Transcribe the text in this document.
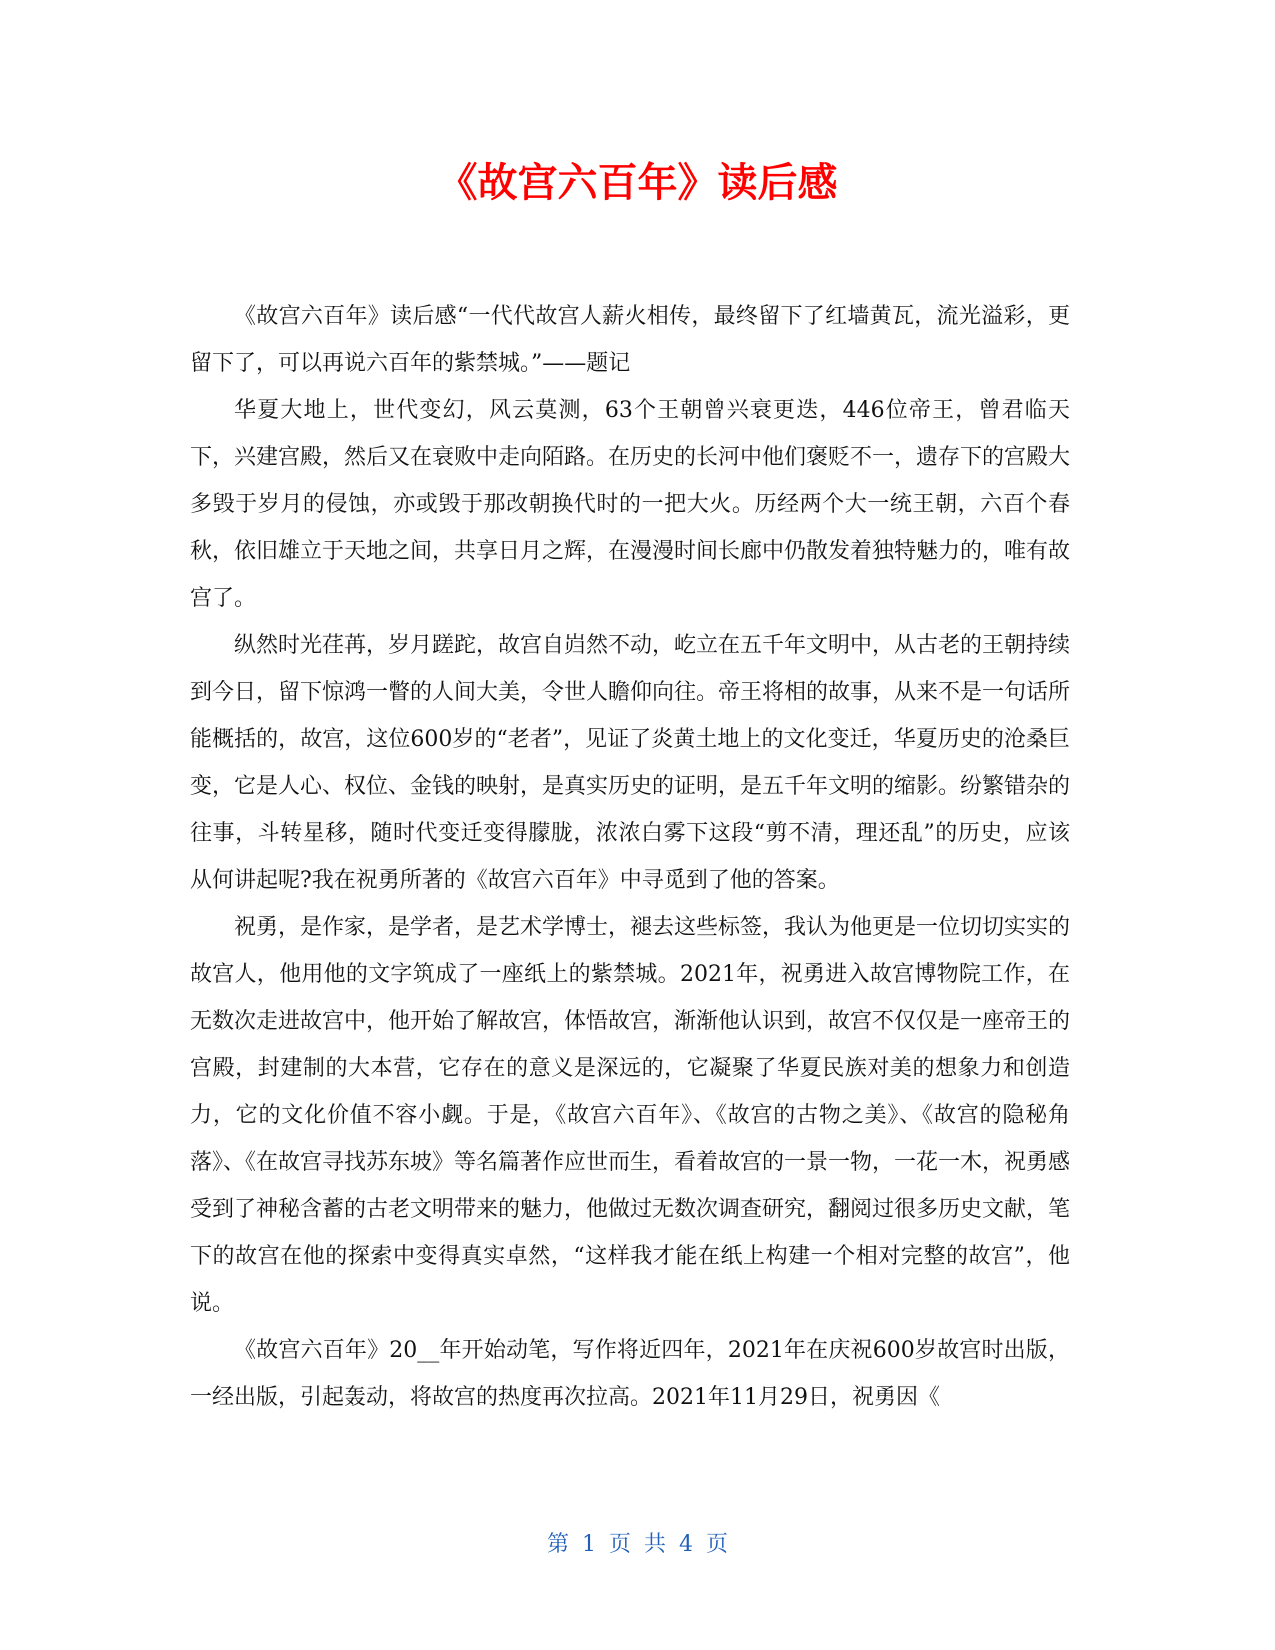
《故宫六百年》读后感

《故宫六百年》读后感“一代代故宫人薪火相传，最终留下了红墙黄瓦，流光溢彩，更留下了，可以再说六百年的紫禁城。”——题记

华夏大地上，世代变幻，风云莫测，63个王朝曾兴衰更迭，446位帝王，曾君临天下，兴建宫殿，然后又在衰败中走向陌路。在历史的长河中他们褒贬不一，遗存下的宫殿大多毁于岁月的侵蚀，亦或毁于那改朝换代时的一把大火。历经两个大一统王朝，六百个春秋，依旧雄立于天地之间，共享日月之辉，在漫漫时间长廊中仍散发着独特魅力的，唯有故宫了。

纵然时光荏苒，岁月蹉跎，故宫自岿然不动，屹立在五千年文明中，从古老的王朝持续到今日，留下惊鸿一瞥的人间大美，令世人瞻仰向往。帝王将相的故事，从来不是一句话所能概括的，故宫，这位600岁的“老者”，见证了炎黄土地上的文化变迁，华夏历史的沧桑巨变，它是人心、权位、金钱的映射，是真实历史的证明，是五千年文明的缩影。纷繁错杂的往事，斗转星移，随时代变迁变得朦胧，浓浓白雾下这段“剪不清，理还乱”的历史，应该从何讲起呢?我在祝勇所著的《故宫六百年》中寻觅到了他的答案。

祝勇，是作家，是学者，是艺术学博士，褪去这些标签，我认为他更是一位切切实实的故宫人，他用他的文字筑成了一座纸上的紫禁城。2021年，祝勇进入故宫博物院工作，在无数次走进故宫中，他开始了解故宫，体悟故宫，渐渐他认识到，故宫不仅仅是一座帝王的宫殿，封建制的大本营，它存在的意义是深远的，它凝聚了华夏民族对美的想象力和创造力，它的文化价值不容小觑。于是，《故宫六百年》、《故宫的古物之美》、《故宫的隐秘角落》、《在故宫寻找苏东坡》等名篇著作应世而生，看着故宫的一景一物，一花一木，祝勇感受到了神秘含蓄的古老文明带来的魅力，他做过无数次调查研究，翻阅过很多历史文献，笔下的故宫在他的探索中变得真实卓然，“这样我才能在纸上构建一个相对完整的故宫”，他说。

《故宫六百年》20__年开始动笔，写作将近四年，2021年在庆祝600岁故宫时出版，一经出版，引起轰动，将故宫的热度再次拉高。2021年11月29日，祝勇因《

第 1 页 共 4 页
